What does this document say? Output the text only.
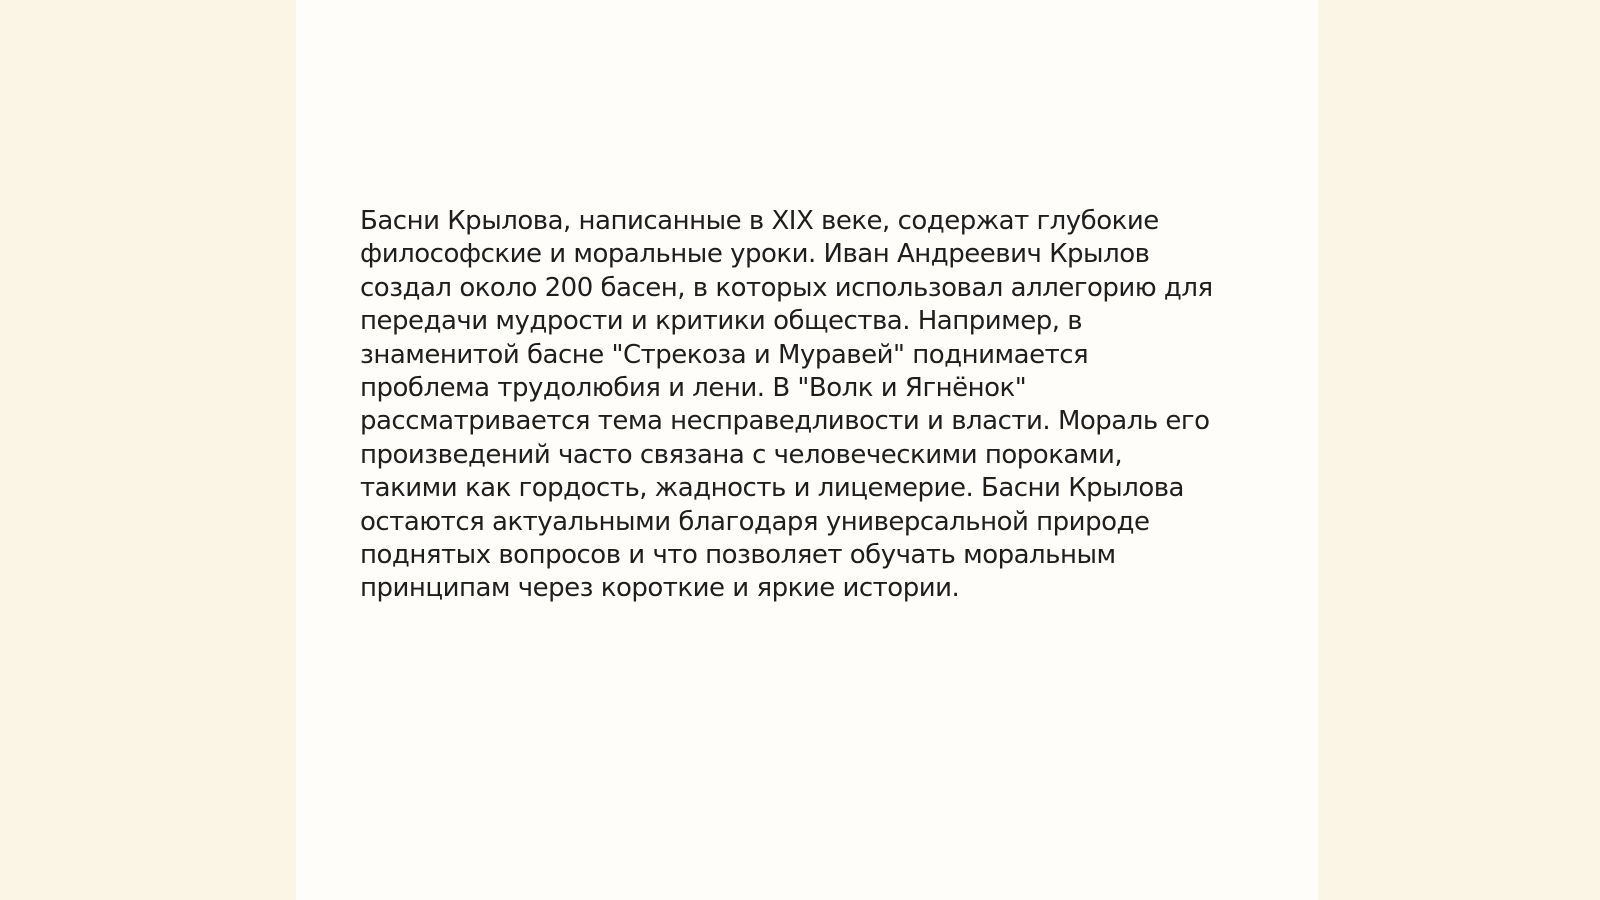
Басни Крылова, написанные в XIX веке, содержат глубокие
философские и моральные уроки. Иван Андреевич Крылов
создал около 200 басен, в которых использовал аллегорию для
передачи мудрости и критики общества. Например, в
знаменитой басне "Стрекоза и Муравей" поднимается
проблема трудолюбия и лени. В "Волк и Ягнёнок"
рассматривается тема несправедливости и власти. Мораль его
произведений часто связана с человеческими пороками,
такими как гордость, жадность и лицемерие. Басни Крылова
остаются актуальными благодаря универсальной природе
поднятых вопросов и что позволяет обучать моральным
принципам через короткие и яркие истории.
